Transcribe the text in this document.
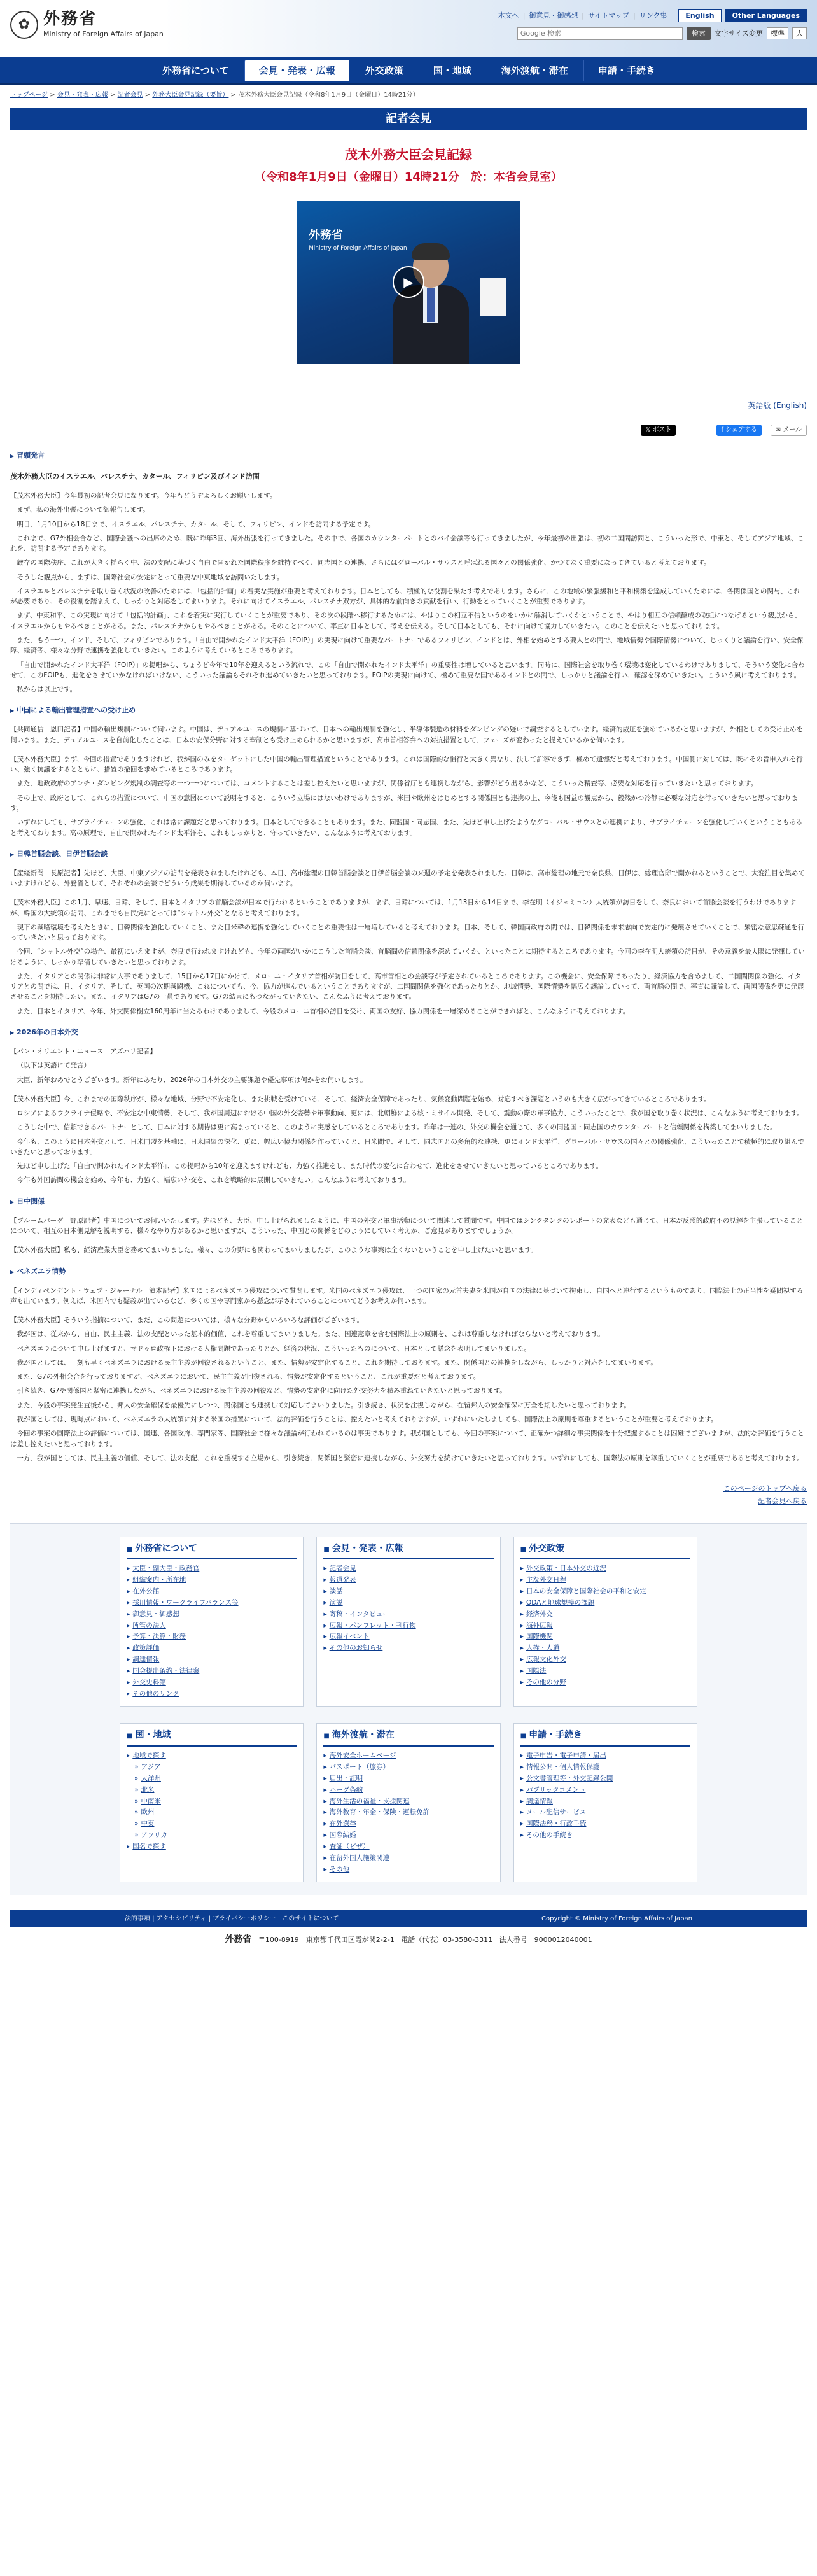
✿ 外務省
Ministry of Foreign Affairs of Japan
本文へ | 御意見・御感想 | サイトマップ | リンク集	English	Other Languages
Google 検索
検索	文字サイズ変更	標準	大
外務省について	会見・発表・広報	外交政策	国・地域	海外渡航・滞在	申請・手続き
トップページ > 会見・発表・広報 > 記者会見 > 外務大臣会見記録（要旨） > 茂木外務大臣会見記録（令和8年1月9日（金曜日）14時21分）
記者会見
茂木外務大臣会見記録
（令和8年1月9日（金曜日）14時21分　於：本省会見室）
外務省
Ministry of Foreign Affairs of Japan
▶
英語版 (English)
𝕏 ポスト	f シェアする	✉ メール
▶ 冒頭発言
茂木外務大臣のイスラエル、パレスチナ、カタール、フィリピン及びインド訪問

【茂木外務大臣】今年最初の記者会見になります。今年もどうぞよろしくお願いします。

まず、私の海外出張について御報告します。

明日、1月10日から18日まで、イスラエル、パレスチナ、カタール、そして、フィリピン、インドを訪問する予定です。

これまで、G7外相会合など、国際会議への出席のため、既に昨年3回、海外出張を行ってきました。その中で、各国のカウンターパートとのバイ会談等も行ってきましたが、今年最初の出張は、初の二国間訪問と、こういった形で、中東と、そしてアジア地域、これを、訪問する予定であります。

厳存の国際秩序、これが大きく揺らぐ中、法の支配に基づく自由で開かれた国際秩序を維持すべく、同志国との連携、さらにはグローバル・サウスと呼ばれる国々との関係強化、かつてなく重要になってきていると考えております。

そうした観点から、まずは、国際社会の安定にとって重要な中東地域を訪問いたします。

イスラエルとパレスチナを取り巻く状況の改善のためには、「包括的計画」の着実な実施が重要と考えております。日本としても、積極的な役割を果たす考えであります。さらに、この地域の緊張緩和と平和構築を達成していくためには、各関係国との関与、これが必要であり、その役割を踏まえて、しっかりと対応をしてまいります。それに向けてイスラエル、パレスチナ双方が、具体的な前向きの貢献を行い、行動をとっていくことが重要であります。

まず、中東和平、この実現に向けて「包括的計画」、これを着実に実行していくことが重要であり、その次の段階へ移行するためには、やはりこの相互不信というのをいかに解消していくかということで、やはり相互の信頼醸成の取組につなげるという観点から、イスラエルからもやるべきことがある。また、パレスチナからもやるべきことがある。そのことについて、率直に日本として、考えを伝える。そして日本としても、それに向けて協力していきたい。このことを伝えたいと思っております。

また、もう一つ、インド、そして、フィリピンであります。「自由で開かれたインド太平洋（FOIP）」の実現に向けて重要なパートナーであるフィリピン、インドとは、外相を始めとする要人との間で、地域情勢や国際情勢について、じっくりと議論を行い、安全保障、経済等、様々な分野で連携を強化していきたい。このように考えているところであります。

「自由で開かれたインド太平洋（FOIP）」の提唱から、ちょうど今年で10年を迎えるという流れで、この「自由で開かれたインド太平洋」の重要性は増していると思います。同時に、国際社会を取り巻く環境は変化しているわけでありまして、そういう変化に合わせて、このFOIPも、進化をさせていかなければいけない、こういった議論もそれぞれ進めていきたいと思っております。FOIPの実現に向けて、極めて重要な国であるインドとの間で、しっかりと議論を行い、確認を深めていきたい。こういう風に考えております。

私からは以上です。

▶ 中国による輸出管理措置への受け止め

【共同通信　恩田記者】中国の輸出規制について伺います。中国は、デュアルユースの規制に基づいて、日本への輸出規制を強化し、半導体製造の材料をダンピングの疑いで調査するとしています。経済的威圧を強めているかと思いますが、外相としての受け止めを伺います。また、デュアルユースを自前化したことは、日本の安保分野に対する牽制とも受け止められるかと思いますが、高市首相答弁への対抗措置として、フェーズが変わったと捉えているかを伺います。

【茂木外務大臣】まず、今回の措置でありますけれど、我が国のみをターゲットにした中国の輸出管理措置ということであります。これは国際的な慣行と大きく異なり、決して許容できず、極めて遺憾だと考えております。中国側に対しては、既にその旨申入れを行い、強く抗議をするとともに、措置の撤回を求めているところであります。

また、地政政府のアンチ・ダンピング規制の調査等の一つ一つについては、コメントすることは差し控えたいと思いますが、関係省庁とも連携しながら、影響がどう出るかなど、こういった精査等、必要な対応を行っていきたいと思っております。

その上で、政府として、これらの措置について、中国の意図について説明をすると、こういう立場にはないわけでありますが、米国や欧州をはじめとする関係国とも連携の上、今後も国益の観点から、毅然かつ冷静に必要な対応を行っていきたいと思っております。

いずれにしても、サプライチェーンの強化、これは常に課題だと思っております。日本としてできることもあります。また、同盟国・同志国、また、先ほど申し上げたようなグローバル・サウスとの連携により、サプライチェーンを強化していくということもあると考えております。高の原理で、自由で開かれたインド太平洋を、これもしっかりと、守っていきたい、こんなふうに考えております。

▶ 日韓首脳会談、日伊首脳会談

【産経新聞　長原記者】先ほど、大臣、中東アジアの訪問を発表されましたけれども、本日、高市総理の日韓首脳会談と日伊首脳会談の来週の予定を発表されました。日韓は、高市総理の地元で奈良県、日伊は、総理官邸で開かれるということで、大変注目を集めていますけれども、外務省として、それぞれの会談でどういう成果を期待しているのか伺います。

【茂木外務大臣】この1月、早速、日韓、そして、日本とイタリアの首脳会談が日本で行われるということでありますが、まず、日韓については、1月13日から14日まで、李在明（イジェミョン）大統領が訪日をして、奈良において首脳会談を行うわけでありますが、韓国の大統領の訪問、これまでも自民党にとっては“シャトル外交”となると考えております。

現下の戦略環境を考えたときに、日韓関係を強化していくこと、また日米韓の連携を強化していくことの重要性は一層増していると考えております。日本、そして、韓国両政府の間では、日韓関係を未来志向で安定的に発展させていくことで、緊密な意思疎通を行っていきたいと思っております。

今回、“シャトル外交”の場合、最初にいえますが、奈良で行われますけれども、今年の両国がいかにこうした首脳会談、首脳間の信頼関係を深めていくか、といったことに期待するところであります。今回の李在明大統領の訪日が、その意義を最大限に発揮していけるように、しっかり準備していきたいと思っております。

また、イタリアとの関係は非常に大事でありまして、15日から17日にかけて、メローニ・イタリア首相が訪日をして、高市首相との会談等が予定されているところであります。この機会に、安全保障であったり、経済協力を含めまして、二国間関係の強化、イタリアとの間では、日、イタリア、そして、英国の次期戦闘機、これについても、今、協力が進んでいるということでありますが、二国間関係を強化であったりとか、地域情勢、国際情勢を幅広く議論していって、両首脳の間で、率直に議論して、両国関係を更に発展させることを期待したい。また、イタリアはG7の一員であります。G7の結束にもつながっていきたい、こんなふうに考えております。

また、日本とイタリア、今年、外交関係樹立160周年に当たるわけでありまして、今般のメローニ首相の訪日を受け、両国の友好、協力関係を一層深めることができればと、こんなふうに考えております。

▶ 2026年の日本外交

【パン・オリエント・ニュース　アズハリ記者】

（以下は英語にて発言）

大臣、新年おめでとうございます。新年にあたり、2026年の日本外交の主要課題や優先事項は何かをお伺いします。

【茂木外務大臣】今、これまでの国際秩序が、様々な地域、分野で不安定化し、また挑戦を受けている、そして、経済安全保障であったり、気候変動問題を始め、対応すべき課題というのも大きく広がってきているところであります。

ロシアによるウクライナ侵略や、不安定な中東情勢、そして、我が国周辺における中国の外交姿勢や軍事動向、更には、北朝鮮による核・ミサイル開発、そして、震動の際の軍事協力、こういったことで、我が国を取り巻く状況は、こんなふうに考えております。

こうした中で、信頼できるパートナーとして、日本に対する期待は更に高まっていると、このように実感をしているところであります。昨年は一連の、外交の機会を通じて、多くの同盟国・同志国のカウンターパートと信頼関係を構築してまいりました。

今年も、このように日本外交として、日米同盟を基軸に、日米同盟の深化、更に、幅広い協力関係を作っていくと、日米間で、そして、同志国との多角的な連携、更にインド太平洋、グローバル・サウスの国々との関係強化、こういったことで積極的に取り組んでいきたいと思っております。

先ほど申し上げた「自由で開かれたインド太平洋」、この提唱から10年を迎えますけれども、力強く推進をし、また時代の変化に合わせて、進化をさせていきたいと思っているところであります。

今年も外国訪問の機会を始め、今年も、力強く、幅広い外交を、これを戦略的に展開していきたい。こんなふうに考えております。

▶ 日中関係

【ブルームバーグ　野原記者】中国についてお伺いいたします。先ほども、大臣、申し上げられましたように、中国の外交と軍事活動について関連して質問です。中国ではシンクタンクのレポートの発表なども通じて、日本が反照的政府不の見解を主張していることについて、相互の日本側見解を説明する、様々なやり方があるかと思いますが、こういった、中国との関係をどのようにしていく考えか、ご意見がありますでしょうか。

【茂木外務大臣】私も、経済産業大臣を務めてまいりました。様々、この分野にも関わってまいりましたが、このような事案は全くないということを申し上げたいと思います。

▶ ベネズエラ情勢

【インディペンデント・ウェブ・ジャーナル　濱本記者】米国によるベネズエラ侵攻について質問します。米国のベネズエラ侵攻は、一つの国家の元首夫妻を米国が自国の法律に基づいて拘束し、自国へと連行するというものであり、国際法上の正当性を疑問視する声も出ています。例えば、米国内でも疑義が出ているなど、多くの国や専門家から懸念が示されていることについてどうお考えか伺います。

【茂木外務大臣】そういう指摘について、まだ、この問題については、様々な分野からいろいろな評価がございます。

我が国は、従来から、自由、民主主義、法の支配といった基本的価値、これを尊重してまいりました。また、国連憲章を含む国際法上の原則を、これは尊重しなければならないと考えております。

ベネズエラについて申し上げますと、マドゥロ政権下における人権問題であったりとか、経済の状況、こういったものについて、日本として懸念を表明してまいりました。

我が国としては、一刻も早くベネズエラにおける民主主義が回復されるということ、また、情勢が安定化すること、これを期待しております。また、関係国との連携をしながら、しっかりと対応をしてまいります。

また、G7の外相会合を行っておりますが、ベネズエラにおいて、民主主義が回復される、情勢が安定化するということ、これが重要だと考えております。

引き続き、G7や関係国と緊密に連携しながら、ベネズエラにおける民主主義の回復など、情勢の安定化に向けた外交努力を積み重ねていきたいと思っております。

また、今般の事案発生直後から、邦人の安全確保を最優先にしつつ、関係国とも連携して対応してまいりました。引き続き、状況を注視しながら、在留邦人の安全確保に万全を期したいと思っております。

我が国としては、現時点において、ベネズエラの大統領に対する米国の措置について、法的評価を行うことは、控えたいと考えておりますが、いずれにいたしましても、国際法上の原則を尊重するということが重要と考えております。

今回の事案の国際法上の評価については、国連、各国政府、専門家等、国際社会で様々な議論が行われているのは事実であります。我が国としても、今回の事案について、正確かつ詳細な事実関係を十分把握することは困難でございますが、法的な評価を行うことは差し控えたいと思っております。

一方、我が国としては、民主主義の価値、そして、法の支配、これを重視する立場から、引き続き、関係国と緊密に連携しながら、外交努力を続けていきたいと思っております。いずれにしても、国際法の原則を尊重していくことが重要であると考えております。

このページのトップへ戻る
記者会見へ戻る
■ 外務省について
▸ 大臣・副大臣・政務官
▸ 組織案内・所在地
▸ 在外公館
▸ 採用情報・ワークライフバランス等
▸ 御意見・御感想
▸ 所管の法人
▸ 予算・決算・財務
▸ 政策評価
▸ 調達情報
▸ 国会提出条約・法律案
▸ 外交史料館
▸ その他のリンク
■ 会見・発表・広報
▸ 記者会見
▸ 報道発表
▸ 談話
▸ 演説
▸ 寄稿・インタビュー
▸ 広報・パンフレット・刊行物
▸ 広報イベント
▸ その他のお知らせ
■ 外交政策
▸ 外交政策・日本外交の近況
▸ 主な外交日程
▸ 日本の安全保障と国際社会の平和と安定
▸ ODAと地球規模の課題
▸ 経済外交
▸ 海外広報
▸ 国際機関
▸ 人権・人道
▸ 広報文化外交
▸ 国際法
▸ その他の分野
■ 国・地域
▸ 地域で探す
» アジア
» 大洋州
» 北米
» 中南米
» 欧州
» 中東
» アフリカ
▸ 国名で探す
■ 海外渡航・滞在
▸ 海外安全ホームページ
▸ パスポート（旅券）
▸ 届出・証明
▸ ハーグ条約
▸ 海外生活の福祉・支援関連
▸ 海外教育・年金・保険・運転免許
▸ 在外選挙
▸ 国際結婚
▸ 査証（ビザ）
▸ 在留外国人施策関連
▸ その他
■ 申請・手続き
▸ 電子申告・電子申請・届出
▸ 情報公開・個人情報保護
▸ 公文書管理等・外交記録公開
▸ パブリックコメント
▸ 調達情報
▸ メール配信サービス
▸ 国際法務・行政手続
▸ その他の手続き
法的事項 | アクセシビリティ | プライバシーポリシー | このサイトについて	Copyright © Ministry of Foreign Affairs of Japan
外務省 〒100-8919　東京都千代田区霞が関2-2-1 電話（代表）03-3580-3311 法人番号　9000012040001
